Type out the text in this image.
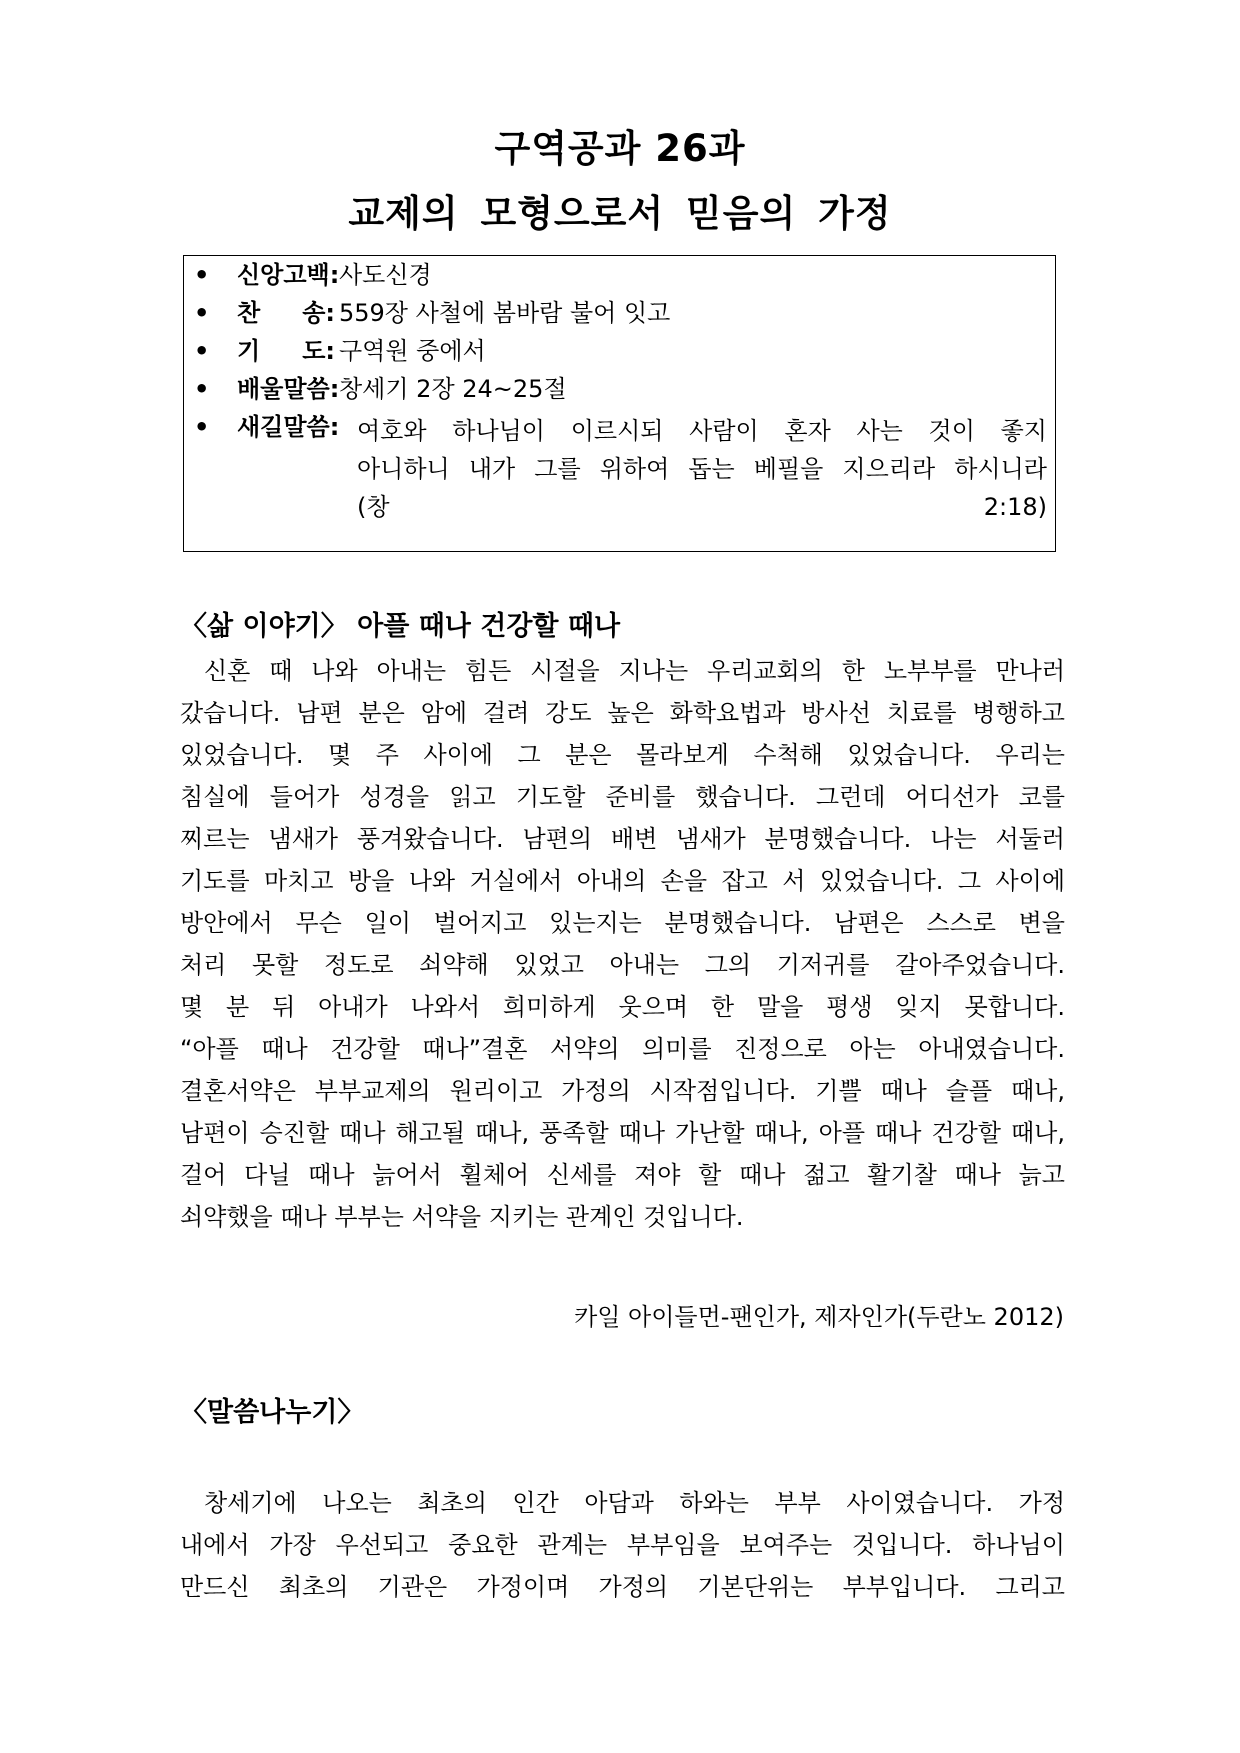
구역공과 26과
교제의 모형으로서 믿음의 가정
• 신앙고백: 사도신경
• 찬 송: 559장 사철에 봄바람 불어 잇고
• 기 도: 구역원 중에서
• 배울말씀: 창세기 2장 24~25절
• 새길말씀: 여호와 하나님이 이르시되 사람이 혼자 사는 것이 좋지
아니하니 내가 그를 위하여 돕는 베필을 지으리라 하시니라
(창 2:18)
〈삶 이야기〉 아플 때나 건강할 때나
신혼 때 나와 아내는 힘든 시절을 지나는 우리교회의 한 노부부를 만나러
갔습니다. 남편 분은 암에 걸려 강도 높은 화학요법과 방사선 치료를 병행하고
있었습니다. 몇 주 사이에 그 분은 몰라보게 수척해 있었습니다. 우리는
침실에 들어가 성경을 읽고 기도할 준비를 했습니다. 그런데 어디선가 코를
찌르는 냄새가 풍겨왔습니다. 남편의 배변 냄새가 분명했습니다. 나는 서둘러
기도를 마치고 방을 나와 거실에서 아내의 손을 잡고 서 있었습니다. 그 사이에
방안에서 무슨 일이 벌어지고 있는지는 분명했습니다. 남편은 스스로 변을
처리 못할 정도로 쇠약해 있었고 아내는 그의 기저귀를 갈아주었습니다.
몇 분 뒤 아내가 나와서 희미하게 웃으며 한 말을 평생 잊지 못합니다.
“아플 때나 건강할 때나”결혼 서약의 의미를 진정으로 아는 아내였습니다.
결혼서약은 부부교제의 원리이고 가정의 시작점입니다. 기쁠 때나 슬플 때나,
남편이 승진할 때나 해고될 때나, 풍족할 때나 가난할 때나, 아플 때나 건강할 때나,
걸어 다닐 때나 늙어서 휠체어 신세를 져야 할 때나 젊고 활기찰 때나 늙고
쇠약했을 때나 부부는 서약을 지키는 관계인 것입니다.
카일 아이들먼-팬인가, 제자인가(두란노 2012)
〈말씀나누기〉
창세기에 나오는 최초의 인간 아담과 하와는 부부 사이였습니다. 가정
내에서 가장 우선되고 중요한 관계는 부부임을 보여주는 것입니다. 하나님이
만드신 최초의 기관은 가정이며 가정의 기본단위는 부부입니다. 그리고
